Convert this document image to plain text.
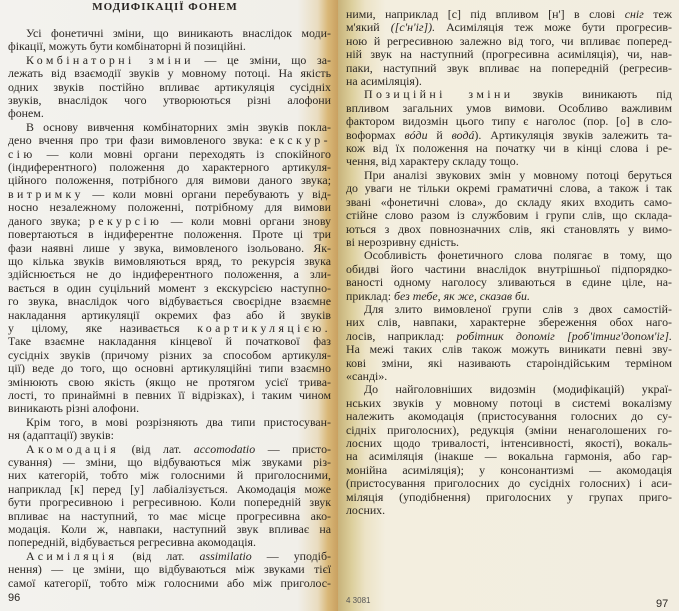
МОДИФІКАЦІЇ ФОНЕМ
Усі фонетичні зміни, що виникають внаслідок моди-
фікації, можуть бути комбінаторні й позиційні.
Комбінаторні зміни — це зміни, що за-
лежать від взаємодії звуків у мовному потоці. На якість
одних звуків постійно впливає артикуляція сусідніх
звуків, внаслідок чого утворюються різні алофони
фонем.
В основу вивчення комбінаторних змін звуків покла-
дено вчення про три фази вимовленого звука: екскур-
сію — коли мовні органи переходять із спокійного
(індиферентного) положення до характерного артикуля-
ційного положення, потрібного для вимови даного звука;
витримку — коли мовні органи перебувають у від-
носно незалежному положенні, потрібному для вимови
даного звука; рекурсію — коли мовні органи знову
повертаються в індиферентне положення. Проте ці три
фази наявні лише у звука, вимовленого ізольовано. Як-
що кілька звуків вимовляються вряд, то рекурсія звука
здійснюється не до індиферентного положення, а зли-
вається в один суцільний момент з екскурсією наступно-
го звука, внаслідок чого відбувається своєрідне взаємне
накладання артикуляції окремих фаз або й звуків
у цілому, яке називається коартикуляцією.
Таке взаємне накладання кінцевої й початкової фаз
сусідніх звуків (причому різних за способом артикуля-
ції) веде до того, що основні артикуляційні типи взаємно
змінюють свою якість (якщо не протягом усієї трива-
лості, то принаймні в певних її відрізках), і таким чином
виникають різні алофони.
Крім того, в мові розрізняють два типи пристосуван-
ня (адаптації) звуків:
Акомодація (від лат. accomodatio — присто-
сування) — зміни, що відбуваються між звуками різ-
них категорій, тобто між голосними й приголосними,
наприклад [к] перед [у] лабіалізується. Акомодація може
бути прогресивною і регресивною. Коли попередній звук
впливає на наступний, то має місце прогресивна ако-
модація. Коли ж, навпаки, наступний звук впливає на
попередній, відбувається регресивна акомодація.
Асиміляція (від лат. assimilatio — уподіб-
нення) — це зміни, що відбуваються між звуками тієї
самої категорії, тобто між голосними або між приголос-
96
ними, наприклад [с] під впливом [н'] в слові сніг теж
м'який ([с'н'іг]). Асиміляція теж може бути прогресив-
ною й регресивною залежно від того, чи впливає поперед-
ній звук на наступний (прогресивна асиміляція), чи, нав-
паки, наступний звук впливає на попередній (регресив-
на асиміляція).
Позиційні зміни звуків виникають під
впливом загальних умов вимови. Особливо важливим
фактором видозмін цього типу є наголос (пор. [о] в сло-
воформах вóди й водá). Артикуляція звуків залежить та-
кож від їх положення на початку чи в кінці слова і ре-
чення, від характеру складу тощо.
При аналізі звукових змін у мовному потоці беруться
до уваги не тільки окремі граматичні слова, а також і так
звані «фонетичні слова», до складу яких входить само-
стійне слово разом із службовим і групи слів, що склада-
ються з двох повнозначних слів, які становлять у вимо-
ві нерозривну єдність.
Особливість фонетичного слова полягає в тому, що
обидві його частини внаслідок внутрішньої підпорядко-
ваності одному наголосу зливаються в єдине ціле, на-
приклад: без тебе, як же, сказав би.
Для злито вимовленої групи слів з двох самостій-
них слів, навпаки, характерне збереження обох наго-
лосів, наприклад: робітник допоміг [роб'ітниг'допом'іг].
На межі таких слів також можуть виникати певні зву-
кові зміни, які називають староіндійським терміном
«санді».
До найголовніших видозмін (модифікацій) украї-
нських звуків у мовному потоці в системі вокалізму
належить акомодація (пристосування голосних до су-
сідніх приголосних), редукція (зміни ненаголошених го-
лосних щодо тривалості, інтенсивності, якості), вокаль-
на асиміляція (інакше — вокальна гармонія, або гар-
монійна асиміляція); у консонантизмі — акомодація
(пристосування приголосних до сусідніх голосних) і аси-
міляція (уподібнення) приголосних у групах приго-
лосних.
4 3081	97
